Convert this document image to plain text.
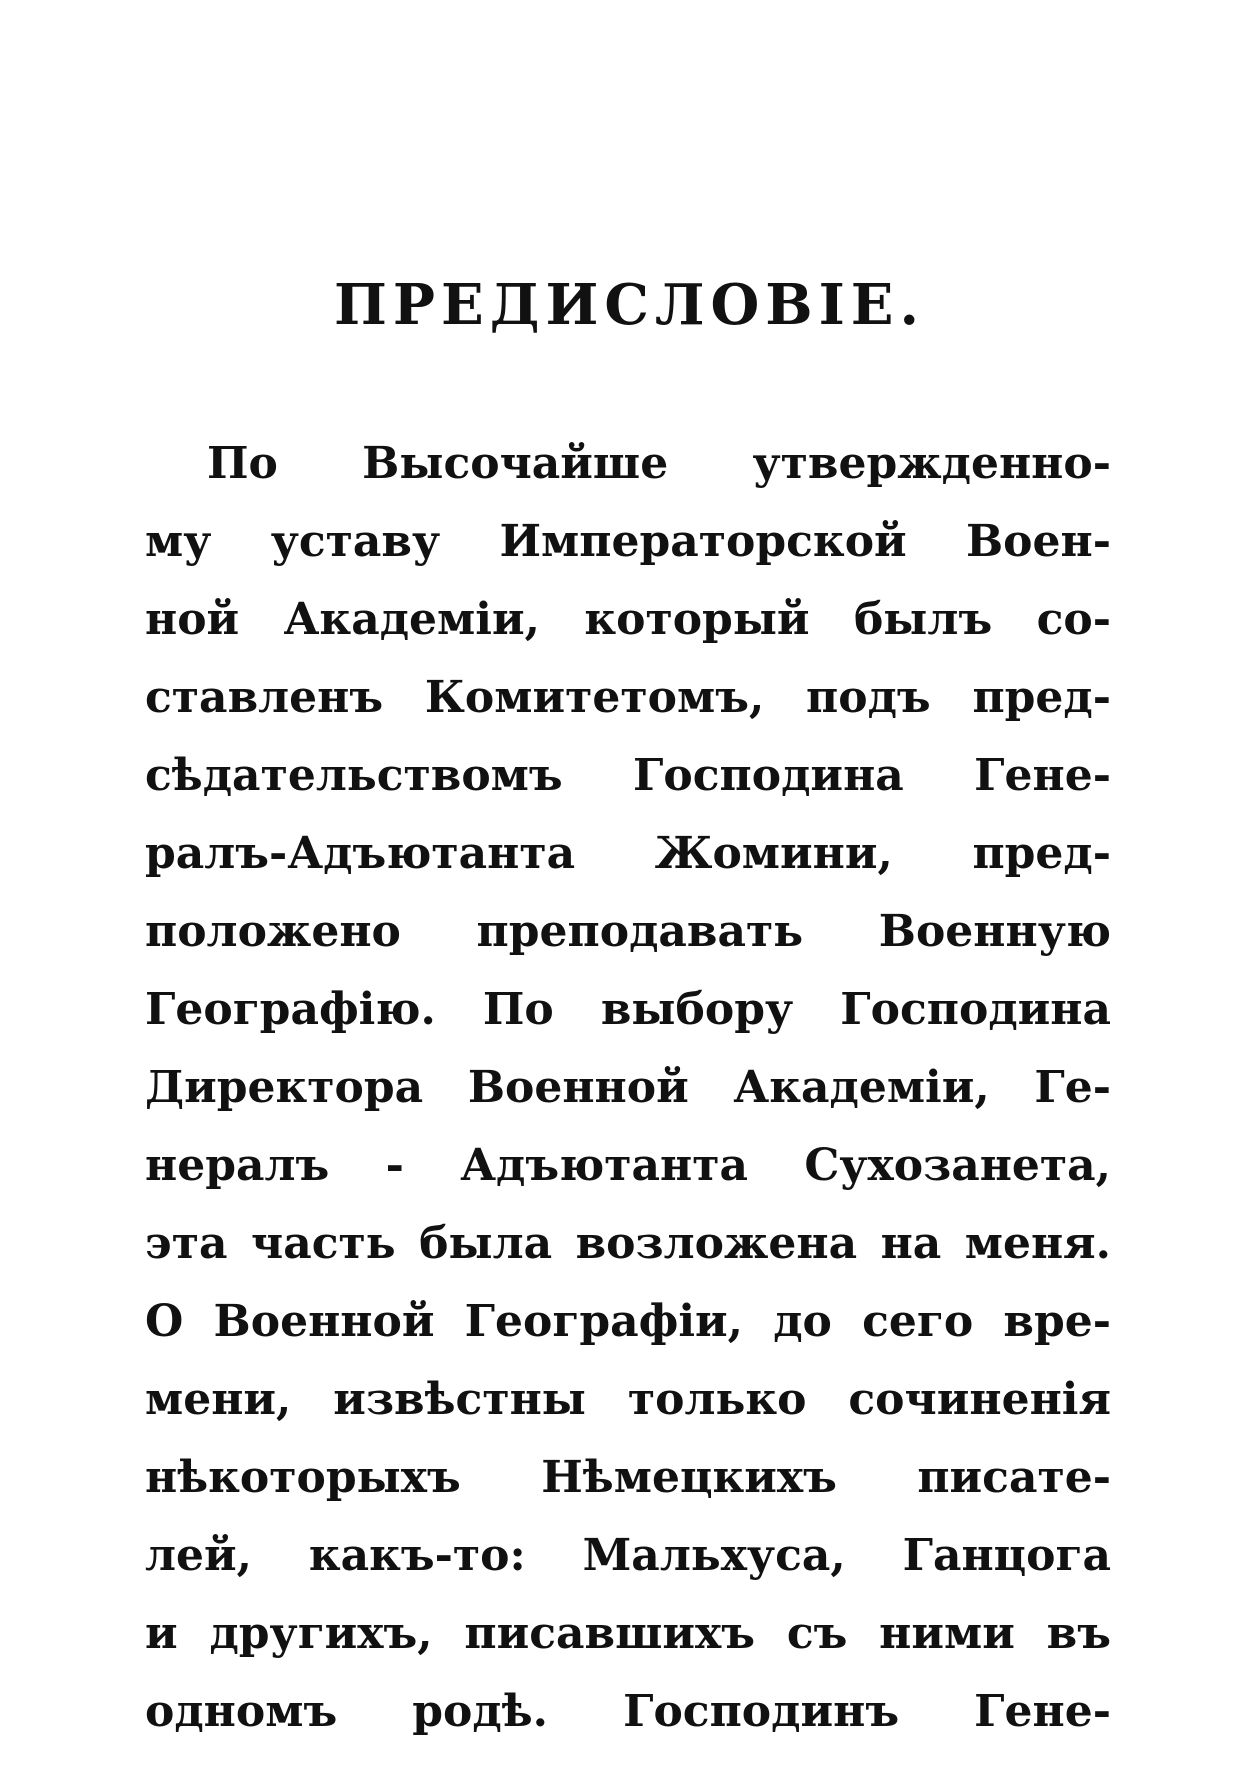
ПРЕДИСЛОВIЕ.
По Высочайше утвержденно-
му уставу Императорской Воен-
ной Академiи, который былъ со-
ставленъ Комитетомъ, подъ пред-
сѣдательствомъ Господина Гене-
ралъ-Адъютанта Жомини, пред-
положено преподавать Военную
Географiю. По выбору Господина
Директора Военной Академiи, Ге-
нералъ - Адъютанта Сухозанета,
эта часть была возложена на меня.
О Военной Географiи, до сего вре-
мени, извѣстны только сочиненiя
нѣкоторыхъ Нѣмецкихъ писате-
лей, какъ-то: Мальхуса, Ганцога
и другихъ, писавшихъ съ ними въ
одномъ родѣ. Господинъ Гене-
